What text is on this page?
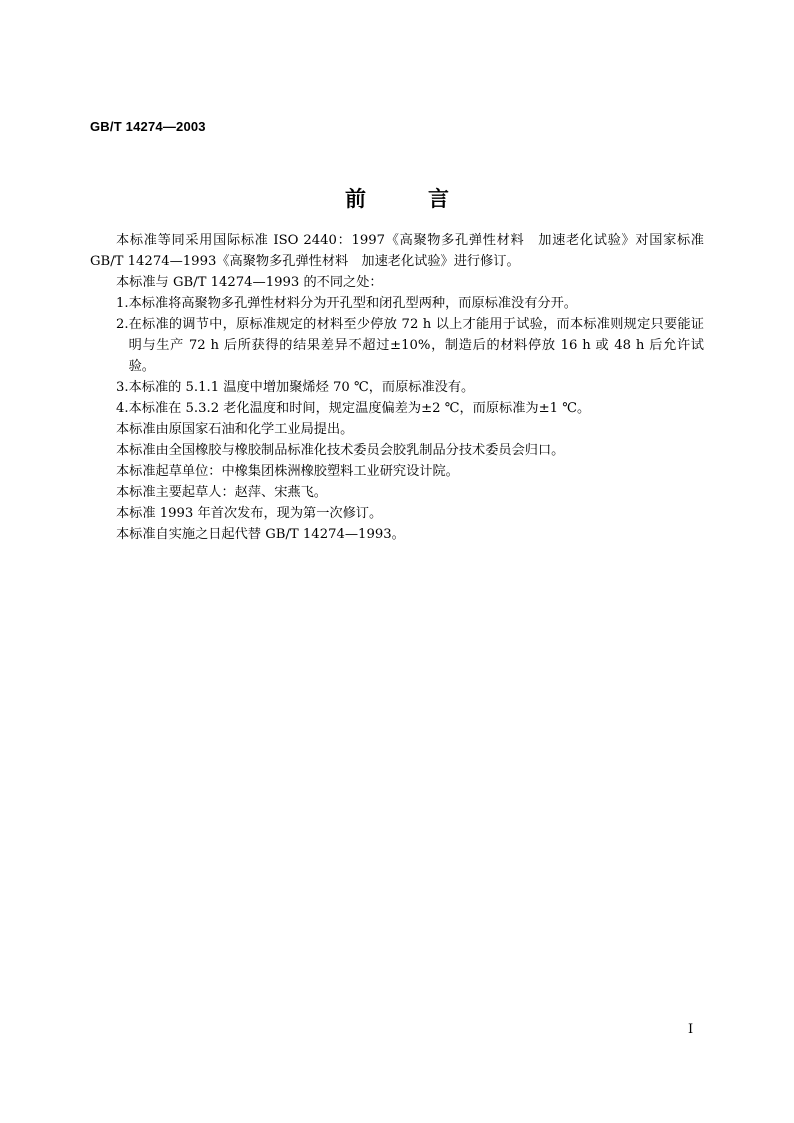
GB/T 14274—2003
前言

本标准等同采用国际标准 ISO 2440：1997《高聚物多孔弹性材料　加速老化试验》对国家标准GB/T 14274—1993《高聚物多孔弹性材料　加速老化试验》进行修订。

本标准与 GB/T 14274—1993 的不同之处：

1. 本标准将高聚物多孔弹性材料分为开孔型和闭孔型两种，而原标准没有分开。
2. 在标准的调节中，原标准规定的材料至少停放 72 h 以上才能用于试验，而本标准则规定只要能证明与生产 72 h 后所获得的结果差异不超过±10%，制造后的材料停放 16 h 或 48 h 后允许试验。
3. 本标准的 5.1.1 温度中增加聚烯烃 70 ℃，而原标准没有。
4. 本标准在 5.3.2 老化温度和时间，规定温度偏差为±2 ℃，而原标准为±1 ℃。

本标准由原国家石油和化学工业局提出。

本标准由全国橡胶与橡胶制品标准化技术委员会胶乳制品分技术委员会归口。

本标准起草单位：中橡集团株洲橡胶塑料工业研究设计院。

本标准主要起草人：赵萍、宋燕飞。

本标准 1993 年首次发布，现为第一次修订。

本标准自实施之日起代替 GB/T 14274—1993。

I
